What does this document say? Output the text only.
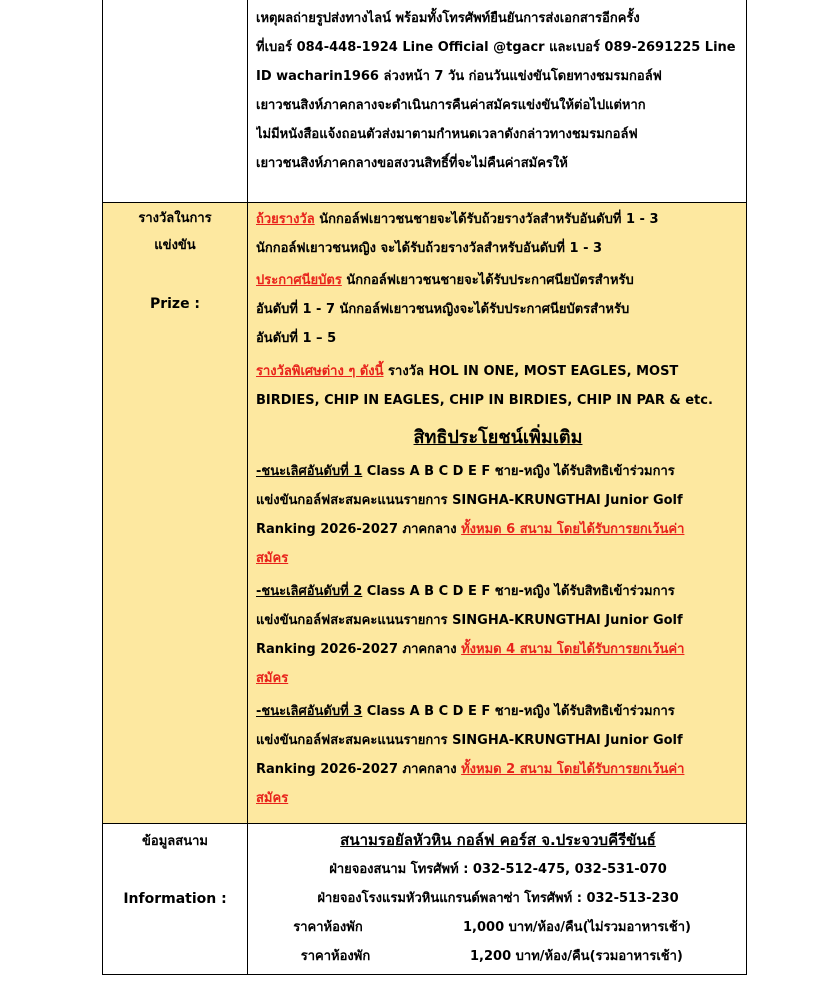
เหตุผลถ่ายรูปส่งทางไลน์ พร้อมทั้งโทรศัพท์ยืนยันการส่งเอกสารอีกครั้ง
ที่เบอร์ 084-448-1924 Line Official @tgacr และเบอร์ 089-2691225 Line
ID wacharin1966 ล่วงหน้า 7 วัน ก่อนวันแข่งขันโดยทางชมรมกอล์ฟ
เยาวชนสิงห์ภาคกลางจะดำเนินการคืนค่าสมัครแข่งขันให้ต่อไปแต่หาก
ไม่มีหนังสือแจ้งถอนตัวส่งมาตามกำหนดเวลาดังกล่าวทางชมรมกอล์ฟ
เยาวชนสิงห์ภาคกลางขอสงวนสิทธิ์ที่จะไม่คืนค่าสมัครให้
รางวัลในการ
แข่งขัน
Prize :
ถ้วยรางวัล นักกอล์ฟเยาวชนชายจะได้รับถ้วยรางวัลสำหรับอันดับที่ 1 - 3
นักกอล์ฟเยาวชนหญิง จะได้รับถ้วยรางวัลสำหรับอันดับที่ 1 - 3
ประกาศนียบัตร นักกอล์ฟเยาวชนชายจะได้รับประกาศนียบัตรสำหรับ
อันดับที่ 1 - 7 นักกอล์ฟเยาวชนหญิงจะได้รับประกาศนียบัตรสำหรับ
อันดับที่ 1 – 5
รางวัลพิเศษต่าง ๆ ดังนี้ รางวัล HOL IN ONE, MOST EAGLES, MOST
BIRDIES, CHIP IN EAGLES, CHIP IN BIRDIES, CHIP IN PAR & etc.
สิทธิประโยชน์เพิ่มเติม
-ชนะเลิศอันดับที่ 1 Class A B C D E F ชาย-หญิง ได้รับสิทธิเข้าร่วมการ
แข่งขันกอล์ฟสะสมคะแนนรายการ SINGHA-KRUNGTHAI Junior Golf
Ranking 2026-2027 ภาคกลาง ทั้งหมด 6 สนาม โดยได้รับการยกเว้นค่า
สมัคร
-ชนะเลิศอันดับที่ 2 Class A B C D E F ชาย-หญิง ได้รับสิทธิเข้าร่วมการ
แข่งขันกอล์ฟสะสมคะแนนรายการ SINGHA-KRUNGTHAI Junior Golf
Ranking 2026-2027 ภาคกลาง ทั้งหมด 4 สนาม โดยได้รับการยกเว้นค่า
สมัคร
-ชนะเลิศอันดับที่ 3 Class A B C D E F ชาย-หญิง ได้รับสิทธิเข้าร่วมการ
แข่งขันกอล์ฟสะสมคะแนนรายการ SINGHA-KRUNGTHAI Junior Golf
Ranking 2026-2027 ภาคกลาง ทั้งหมด 2 สนาม โดยได้รับการยกเว้นค่า
สมัคร
ข้อมูลสนาม
Information :
สนามรอยัลหัวหิน กอล์ฟ คอร์ส จ.ประจวบคีรีขันธ์
ฝ่ายจองสนาม โทรศัพท์ : 032-512-475, 032-531-070
ฝ่ายจองโรงแรมหัวหินแกรนด์พลาซ่า โทรศัพท์ : 032-513-230
ราคาห้องพัก	1,000 บาท/ห้อง/คืน(ไม่รวมอาหารเช้า)
ราคาห้องพัก	1,200 บาท/ห้อง/คืน(รวมอาหารเช้า)
